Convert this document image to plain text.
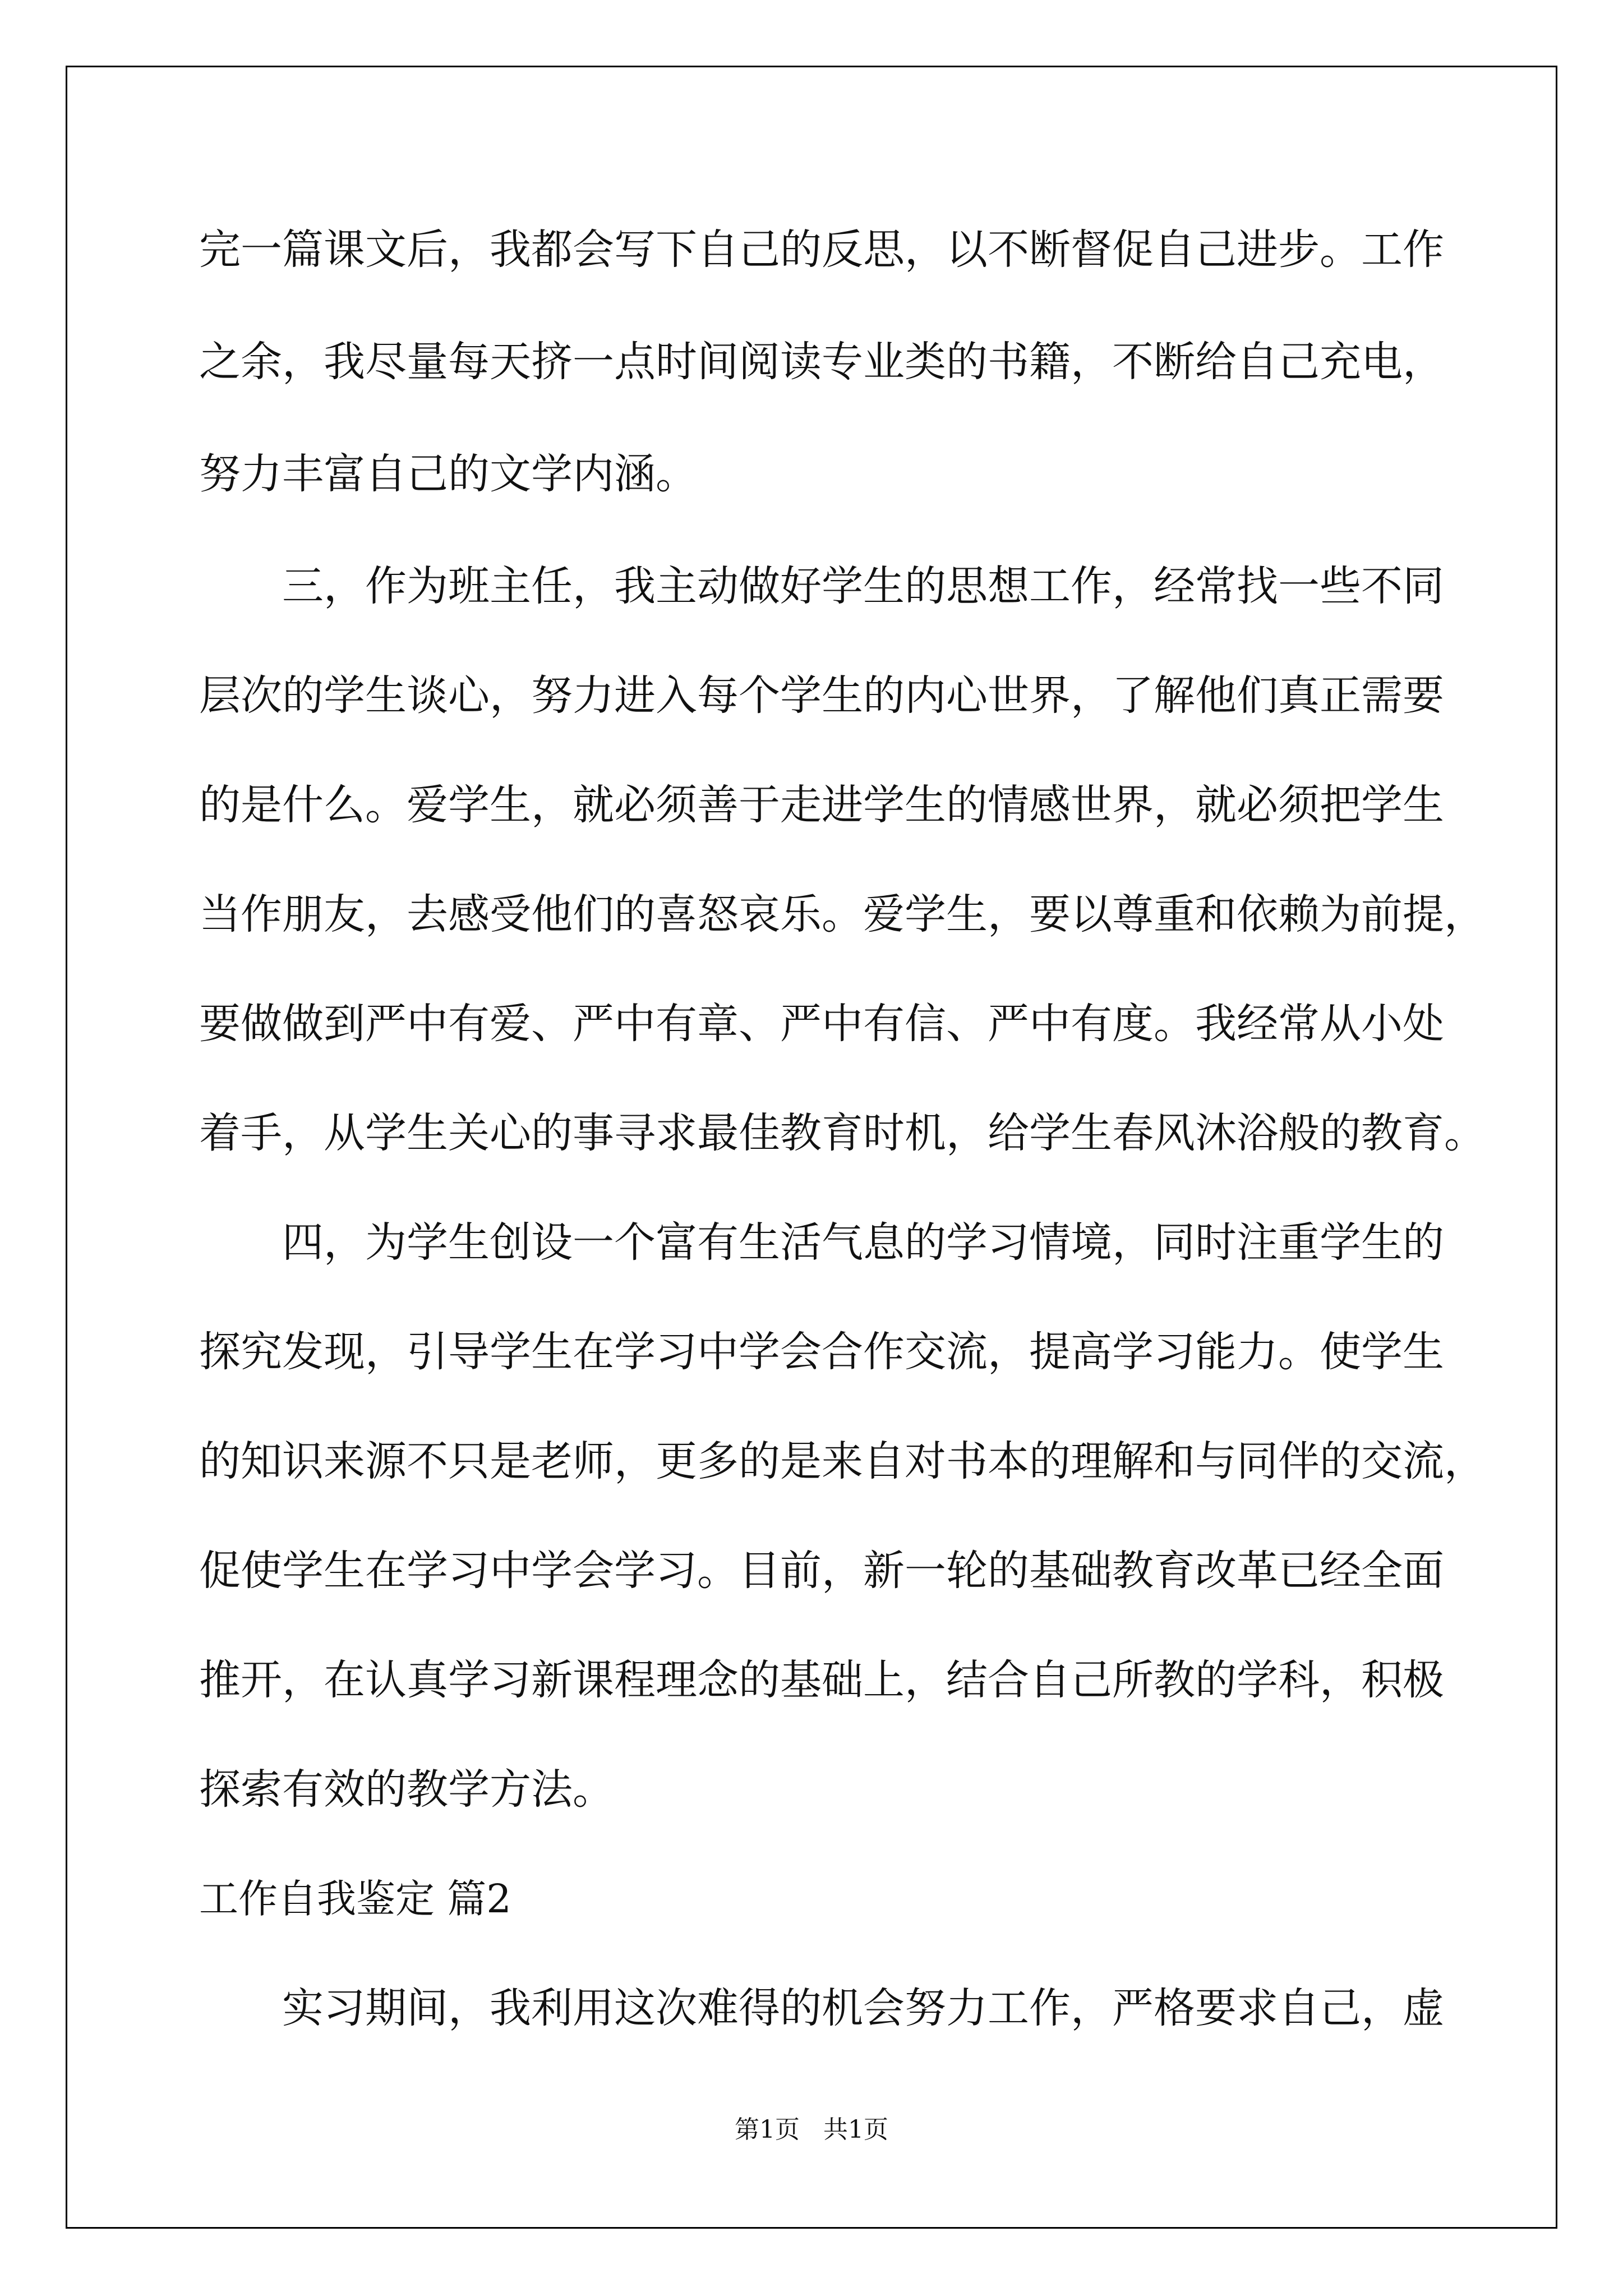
完一篇课文后，我都会写下自己的反思，以不断督促自己进步。工作
之余，我尽量每天挤一点时间阅读专业类的书籍，不断给自己充电，
努力丰富自己的文学内涵。
　　三，作为班主任，我主动做好学生的思想工作，经常找一些不同
层次的学生谈心，努力进入每个学生的内心世界，了解他们真正需要
的是什么。爱学生，就必须善于走进学生的情感世界，就必须把学生
当作朋友，去感受他们的喜怒哀乐。爱学生，要以尊重和依赖为前提，
要做做到严中有爱、严中有章、严中有信、严中有度。我经常从小处
着手，从学生关心的事寻求最佳教育时机，给学生春风沐浴般的教育。
　　四，为学生创设一个富有生活气息的学习情境，同时注重学生的
探究发现，引导学生在学习中学会合作交流，提高学习能力。使学生
的知识来源不只是老师，更多的是来自对书本的理解和与同伴的交流，
促使学生在学习中学会学习。目前，新一轮的基础教育改革已经全面
推开，在认真学习新课程理念的基础上，结合自己所教的学科，积极
探索有效的教学方法。
工作自我鉴定 篇2
　　实习期间，我利用这次难得的机会努力工作，严格要求自己，虚
第1页 共1页
